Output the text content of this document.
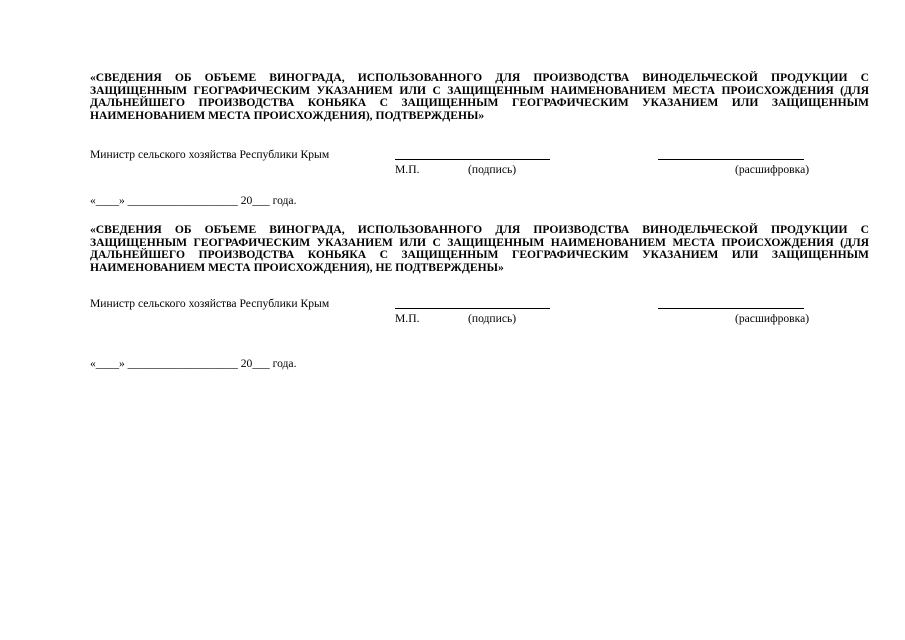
«СВЕДЕНИЯ ОБ ОБЪЕМЕ ВИНОГРАДА, ИСПОЛЬЗОВАННОГО ДЛЯ ПРОИЗВОДСТВА ВИНОДЕЛЬЧЕСКОЙ ПРОДУКЦИИ С ЗАЩИЩЕННЫМ ГЕОГРАФИЧЕСКИМ УКАЗАНИЕМ ИЛИ С ЗАЩИЩЕННЫМ НАИМЕНОВАНИЕМ МЕСТА ПРОИСХОЖДЕНИЯ (ДЛЯ ДАЛЬНЕЙШЕГО ПРОИЗВОДСТВА КОНЬЯКА С ЗАЩИЩЕННЫМ ГЕОГРАФИЧЕСКИМ УКАЗАНИЕМ ИЛИ ЗАЩИЩЕННЫМ НАИМЕНОВАНИЕМ МЕСТА ПРОИСХОЖДЕНИЯ), ПОДТВЕРЖДЕНЫ»

Министр сельского хозяйства Республики Крым
М.П.	(подпись)	(расшифровка)
«____» ___________________ 20___ года.

«СВЕДЕНИЯ ОБ ОБЪЕМЕ ВИНОГРАДА, ИСПОЛЬЗОВАННОГО ДЛЯ ПРОИЗВОДСТВА ВИНОДЕЛЬЧЕСКОЙ ПРОДУКЦИИ С ЗАЩИЩЕННЫМ ГЕОГРАФИЧЕСКИМ УКАЗАНИЕМ ИЛИ С ЗАЩИЩЕННЫМ НАИМЕНОВАНИЕМ МЕСТА ПРОИСХОЖДЕНИЯ (ДЛЯ ДАЛЬНЕЙШЕГО ПРОИЗВОДСТВА КОНЬЯКА С ЗАЩИЩЕННЫМ ГЕОГРАФИЧЕСКИМ УКАЗАНИЕМ ИЛИ ЗАЩИЩЕННЫМ НАИМЕНОВАНИЕМ МЕСТА ПРОИСХОЖДЕНИЯ), НЕ ПОДТВЕРЖДЕНЫ»

Министр сельского хозяйства Республики Крым
М.П.	(подпись)	(расшифровка)
«____» ___________________ 20___ года.
